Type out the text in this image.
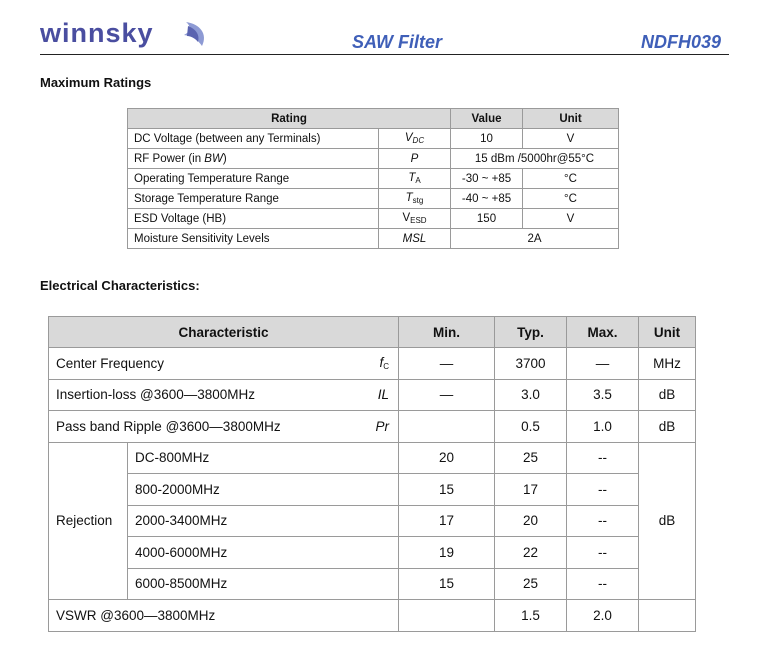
winnsky	SAW Filter	NDFH039
Maximum Ratings
Rating		Value	Unit
DC Voltage (between any Terminals)	$V_{DC}$	10	V
RF Power (in BW)	P	15 dBm /5000hr@55°C	
Operating Temperature Range	$T_A$	-30 ~ +85	°C
Storage Temperature Range	$T_{stg}$	-40 ~ +85	°C
ESD Voltage (HB)	$V_{ESD}$	150	V
Moisture Sensitivity Levels	MSL	2A	
Electrical Characteristics:
Characteristic		Min.	Typ.	Max.	Unit

Center Frequency $f_C$		—	3700	—	MHz

Insertion-loss @3600—3800MHz IL		—	3.0	3.5	dB

Pass band Ripple @3600—3800MHz Pr			0.5	1.0	dB
Rejection	DC-800MHz	20	25	--	dB
	800-2000MHz	15	17	--	
	2000-3400MHz	17	20	--	
	4000-6000MHz	19	22	--	
	6000-8500MHz	15	25	--	
VSWR @3600—3800MHz			1.5	2.0	
